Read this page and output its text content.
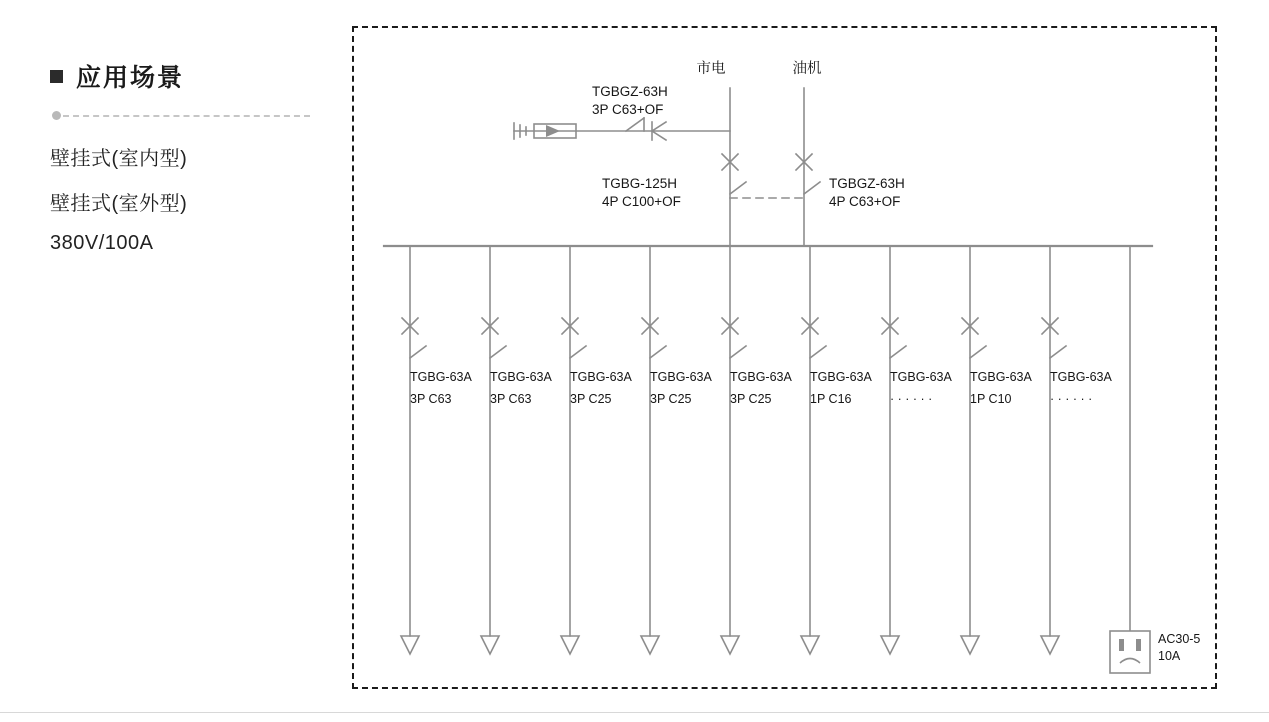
应用场景
壁挂式(室内型)
壁挂式(室外型)
380V/100A
市电	油机
TGBGZ-63H
3P C63+OF
TGBG-125H
4P C100+OF
TGBGZ-63H
4P C63+OF
TGBG-63A
3P C63
TGBG-63A
3P C63
TGBG-63A
3P C25
TGBG-63A
3P C25
TGBG-63A
3P C25
TGBG-63A
1P C16
TGBG-63A
· · · · · ·
TGBG-63A
1P C10
TGBG-63A
· · · · · ·
AC30-5
10A
